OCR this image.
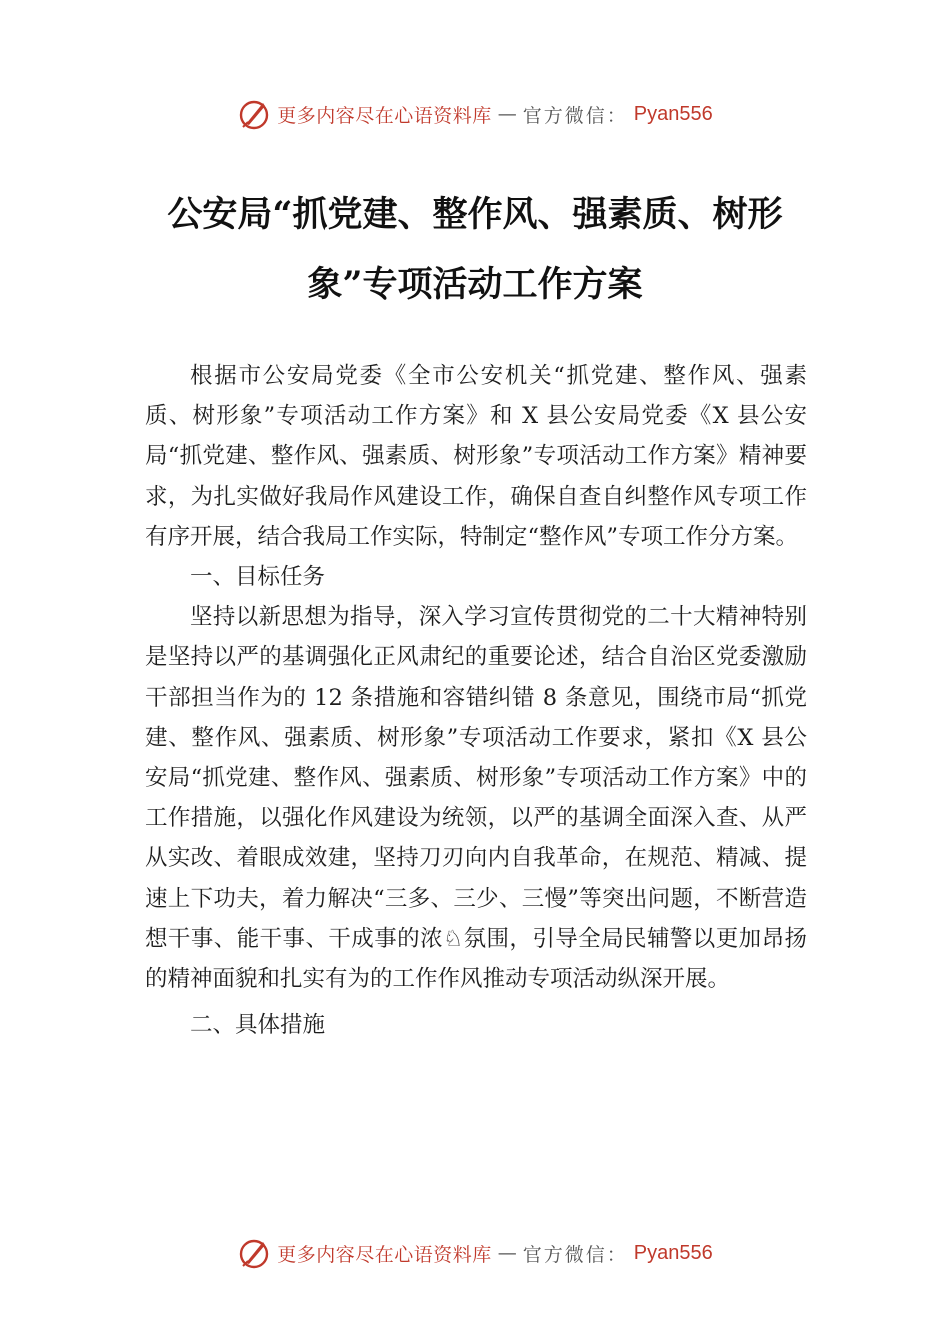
更多内容尽在心语资料库 — 官方微信： Pyan556
公安局“抓党建、整作风、强素质、树形
象”专项活动工作方案

根据市公安局党委《全市公安机关“抓党建、整作风、强素质、树形象”专项活动工作方案》和 X 县公安局党委《X 县公安局“抓党建、整作风、强素质、树形象”专项活动工作方案》精神要求，为扎实做好我局作风建设工作，确保自查自纠整作风专项工作有序开展，结合我局工作实际，特制定“整作风”专项工作分方案。

一、目标任务

坚持以新思想为指导，深入学习宣传贯彻党的二十大精神特别是坚持以严的基调强化正风肃纪的重要论述，结合自治区党委激励干部担当作为的 12 条措施和容错纠错 8 条意见，围绕市局“抓党建、整作风、强素质、树形象”专项活动工作要求，紧扣《X 县公安局“抓党建、整作风、强素质、树形象”专项活动工作方案》中的工作措施，以强化作风建设为统领，以严的基调全面深入查、从严从实改、着眼成效建，坚持刀刃向内自我革命，在规范、精减、提速上下功夫，着力解决“三多、三少、三慢”等突出问题，不断营造想干事、能干事、干成事的浓♘氛围，引导全局民辅警以更加昂扬的精神面貌和扎实有为的工作作风推动专项活动纵深开展。

二、具体措施

更多内容尽在心语资料库 — 官方微信： Pyan556
